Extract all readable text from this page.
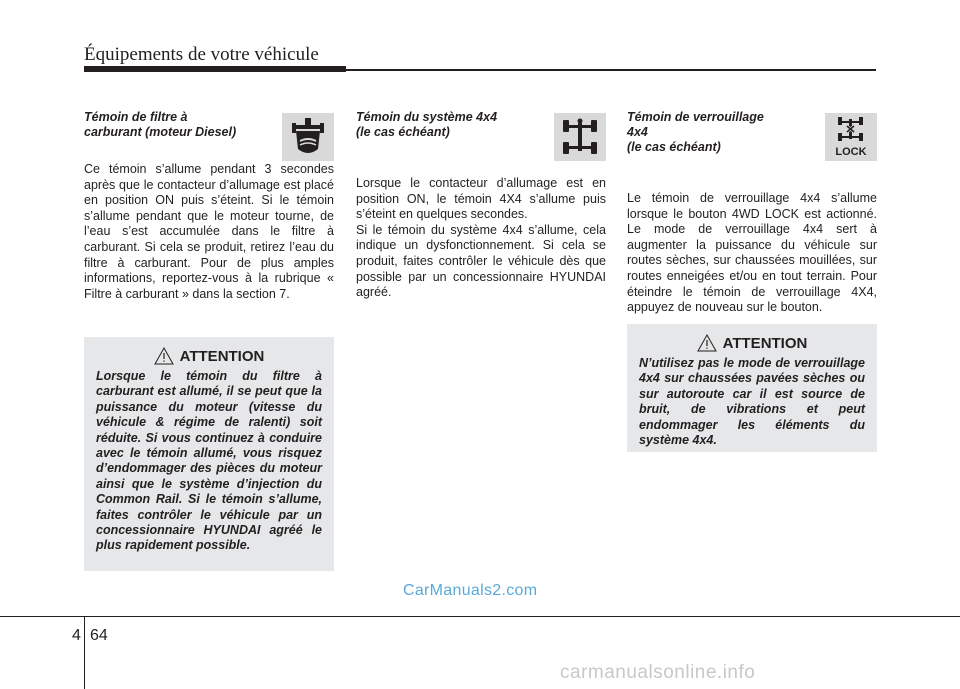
Équipements de votre véhicule
Témoin de filtre à
carburant (moteur Diesel)
Ce témoin s’allume pendant 3 secondes après que le contacteur d’allumage est placé en position ON puis s’éteint. Si le témoin s’allume pendant que le moteur tourne, de l’eau s’est accumulée dans le filtre à carburant. Si cela se produit, retirez l’eau du filtre à carburant. Pour de plus amples informations, reportez-vous à la rubrique « Filtre à carburant » dans la section 7.
Témoin du système 4x4
(le cas échéant)
Lorsque le contacteur d’allumage est en position ON, le témoin 4X4 s’allume puis s’éteint en quelques secondes.
Si le témoin du système 4x4 s’allume, cela indique un dysfonctionnement. Si cela se produit, faites contrôler le véhicule dès que possible par un concessionnaire HYUNDAI agréé.
Témoin de verrouillage 4x4
(le cas échéant)	LOCK
Le témoin de verrouillage 4x4 s’allume lorsque le bouton 4WD LOCK est actionné. Le mode de verrouillage 4x4 sert à augmenter la puissance du véhicule sur routes sèches, sur chaussées mouillées, sur routes enneigées et/ou en tout terrain. Pour éteindre le témoin de verrouillage 4X4, appuyez de nouveau sur le bouton.
ATTENTION
Lorsque le témoin du filtre à carburant est allumé, il se peut que la puissance du moteur (vitesse du véhicule & régime de ralenti) soit réduite. Si vous continuez à conduire avec le témoin allumé, vous risquez d’endommager des pièces du moteur ainsi que le système d’injection du Common Rail. Si le témoin s’allume, faites contrôler le véhicule par un concessionnaire HYUNDAI agréé le plus rapidement possible.
ATTENTION
N’utilisez pas le mode de verrouillage 4x4 sur chaussées pavées sèches ou sur autoroute car il est source de bruit, de vibrations et peut endommager les éléments du système 4x4.
CarManuals2.com
4 64
carmanualsonline.info
